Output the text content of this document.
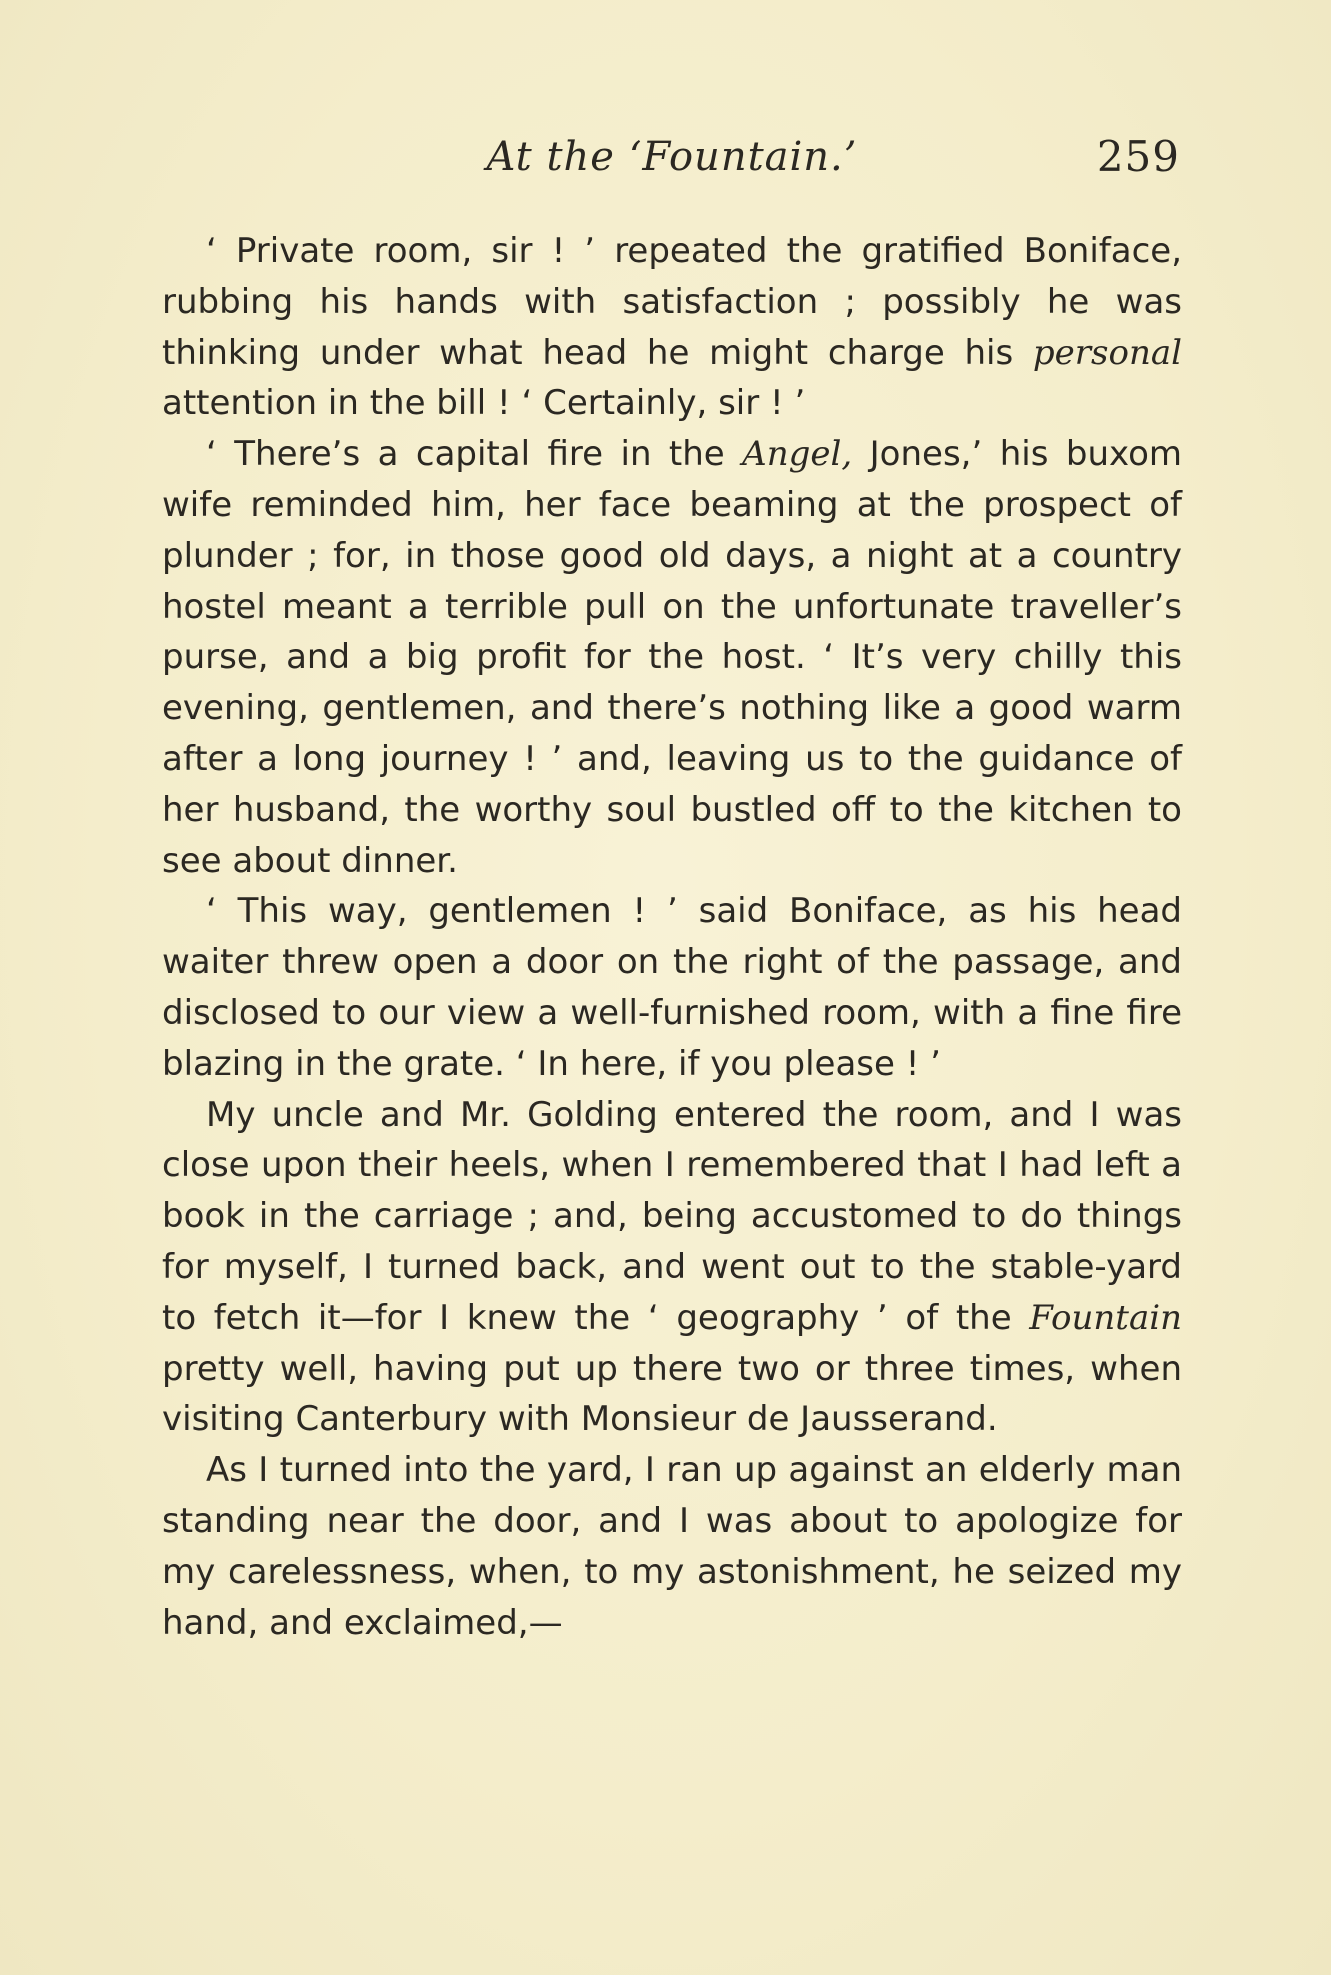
At the ‘Fountain.’	259

‘ Private room, sir ! ’ repeated the gratified Boniface, rubbing his hands with satisfaction ; possibly he was thinking under what head he might charge his personal attention in the bill ! ‘ Certainly, sir ! ’

‘ There’s a capital fire in the Angel, Jones,’ his buxom wife reminded him, her face beaming at the prospect of plunder ; for, in those good old days, a night at a country hostel meant a terrible pull on the unfortunate traveller’s purse, and a big profit for the host. ‘ It’s very chilly this evening, gentlemen, and there’s nothing like a good warm after a long journey ! ’ and, leaving us to the guidance of her husband, the worthy soul bustled off to the kitchen to see about dinner.

‘ This way, gentlemen ! ’ said Boniface, as his head waiter threw open a door on the right of the passage, and disclosed to our view a well-furnished room, with a fine fire blazing in the grate. ‘ In here, if you please ! ’

My uncle and Mr. Golding entered the room, and I was close upon their heels, when I remembered that I had left a book in the carriage ; and, being accustomed to do things for myself, I turned back, and went out to the stable-yard to fetch it—for I knew the ‘ geography ’ of the Fountain pretty well, having put up there two or three times, when visiting Canterbury with Monsieur de Jausserand.

As I turned into the yard, I ran up against an elderly man standing near the door, and I was about to apologize for my carelessness, when, to my astonishment, he seized my hand, and exclaimed,—
